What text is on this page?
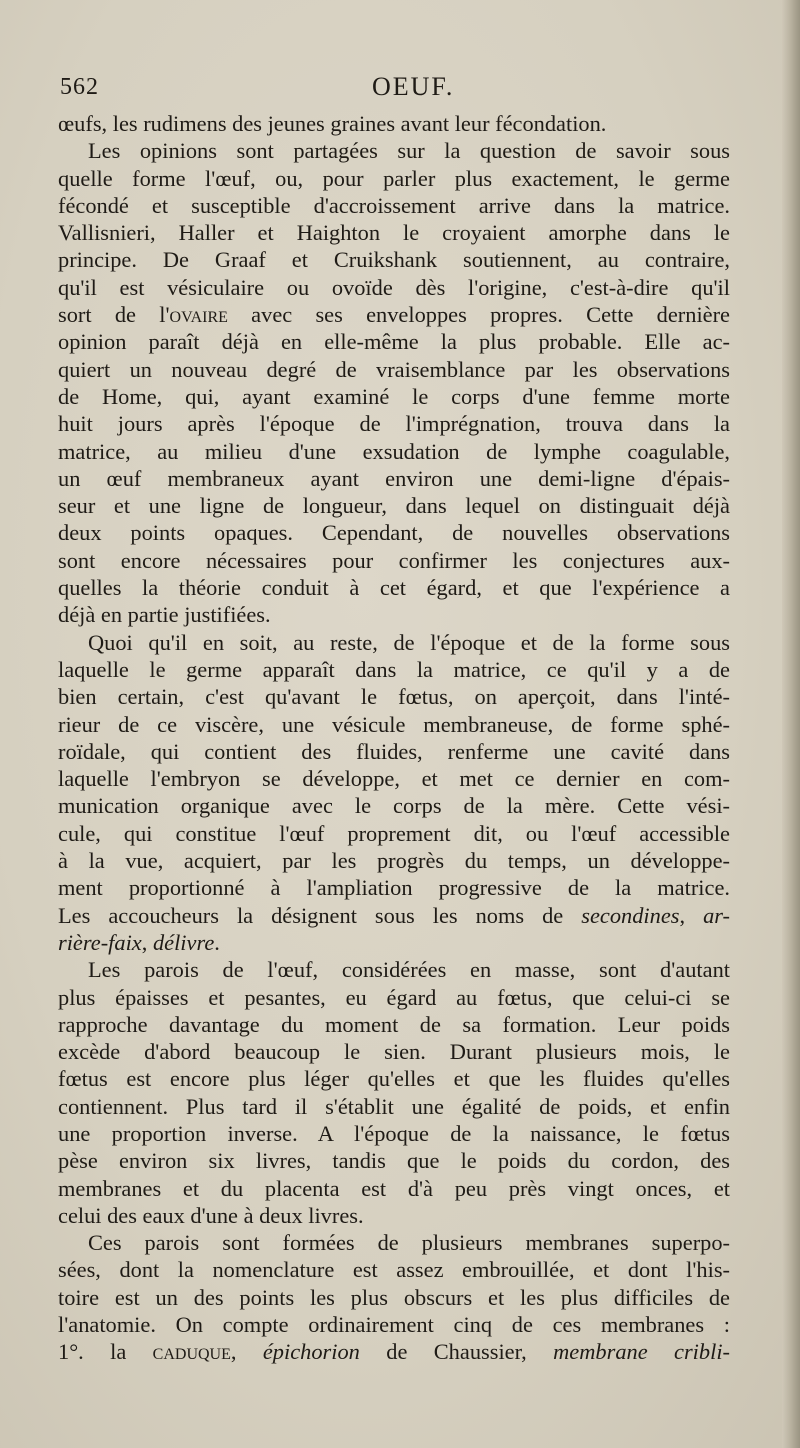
562	OEUF.
œufs, les rudimens des jeunes graines avant leur fécondation.
Les opinions sont partagées sur la question de savoir sous
quelle forme l'œuf, ou, pour parler plus exactement, le germe
fécondé et susceptible d'accroissement arrive dans la matrice.
Vallisnieri, Haller et Haighton le croyaient amorphe dans le
principe. De Graaf et Cruikshank soutiennent, au contraire,
qu'il est vésiculaire ou ovoïde dès l'origine, c'est-à-dire qu'il
sort de l'ovaire avec ses enveloppes propres. Cette dernière
opinion paraît déjà en elle-même la plus probable. Elle ac-
quiert un nouveau degré de vraisemblance par les observations
de Home, qui, ayant examiné le corps d'une femme morte
huit jours après l'époque de l'imprégnation, trouva dans la
matrice, au milieu d'une exsudation de lymphe coagulable,
un œuf membraneux ayant environ une demi-ligne d'épais-
seur et une ligne de longueur, dans lequel on distinguait déjà
deux points opaques. Cependant, de nouvelles observations
sont encore nécessaires pour confirmer les conjectures aux-
quelles la théorie conduit à cet égard, et que l'expérience a
déjà en partie justifiées.
Quoi qu'il en soit, au reste, de l'époque et de la forme sous
laquelle le germe apparaît dans la matrice, ce qu'il y a de
bien certain, c'est qu'avant le fœtus, on aperçoit, dans l'inté-
rieur de ce viscère, une vésicule membraneuse, de forme sphé-
roïdale, qui contient des fluides, renferme une cavité dans
laquelle l'embryon se développe, et met ce dernier en com-
munication organique avec le corps de la mère. Cette vési-
cule, qui constitue l'œuf proprement dit, ou l'œuf accessible
à la vue, acquiert, par les progrès du temps, un développe-
ment proportionné à l'ampliation progressive de la matrice.
Les accoucheurs la désignent sous les noms de secondines, ar-
rière-faix, délivre.
Les parois de l'œuf, considérées en masse, sont d'autant
plus épaisses et pesantes, eu égard au fœtus, que celui-ci se
rapproche davantage du moment de sa formation. Leur poids
excède d'abord beaucoup le sien. Durant plusieurs mois, le
fœtus est encore plus léger qu'elles et que les fluides qu'elles
contiennent. Plus tard il s'établit une égalité de poids, et enfin
une proportion inverse. A l'époque de la naissance, le fœtus
pèse environ six livres, tandis que le poids du cordon, des
membranes et du placenta est d'à peu près vingt onces, et
celui des eaux d'une à deux livres.
Ces parois sont formées de plusieurs membranes superpo-
sées, dont la nomenclature est assez embrouillée, et dont l'his-
toire est un des points les plus obscurs et les plus difficiles de
l'anatomie. On compte ordinairement cinq de ces membranes :
1°. la caduque, épichorion de Chaussier, membrane cribli-
